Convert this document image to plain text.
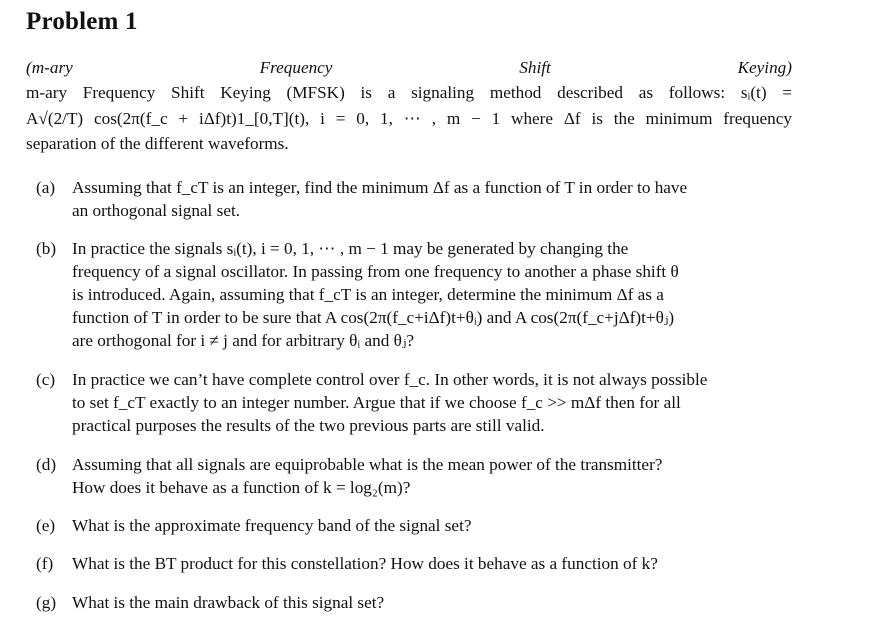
Problem 1
(m-ary Frequency Shift Keying)
m-ary Frequency Shift Keying (MFSK) is a signaling method described as follows: sᵢ(t) =
A√(2/T) cos(2π(f_c + iΔf)t)1_[0,T](t), i = 0, 1, ⋯ , m − 1 where Δf is the minimum frequency
separation of the different waveforms.
(a) Assuming that f_cT is an integer, find the minimum Δf as a function of T in order to have
an orthogonal signal set.
(b) In practice the signals sᵢ(t), i = 0, 1, ⋯ , m − 1 may be generated by changing the
frequency of a signal oscillator. In passing from one frequency to another a phase shift θ
is introduced. Again, assuming that f_cT is an integer, determine the minimum Δf as a
function of T in order to be sure that A cos(2π(f_c+iΔf)t+θᵢ) and A cos(2π(f_c+jΔf)t+θⱼ)
are orthogonal for i ≠ j and for arbitrary θᵢ and θⱼ?
(c) In practice we can’t have complete control over f_c. In other words, it is not always possible
to set f_cT exactly to an integer number. Argue that if we choose f_c >> mΔf then for all
practical purposes the results of the two previous parts are still valid.
(d) Assuming that all signals are equiprobable what is the mean power of the transmitter?
How does it behave as a function of k = log₂(m)?
(e) What is the approximate frequency band of the signal set?
(f)	What is the BT product for this constellation? How does it behave as a function of k?
(g) What is the main drawback of this signal set?
